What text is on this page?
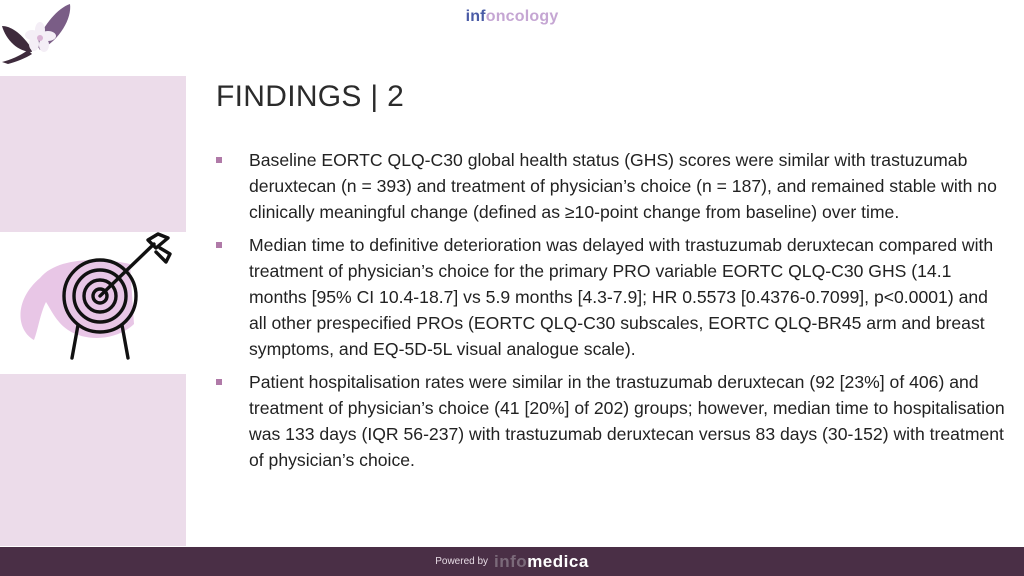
infoncology
FINDINGS | 2
Baseline EORTC QLQ-C30 global health status (GHS) scores were similar with trastuzumab deruxtecan (n = 393) and treatment of physician’s choice (n = 187), and remained stable with no clinically meaningful change (defined as ≥10-point change from baseline) over time.
Median time to definitive deterioration was delayed with trastuzumab deruxtecan compared with treatment of physician’s choice for the primary PRO variable EORTC QLQ-C30 GHS (14.1 months [95% CI 10.4-18.7] vs 5.9 months [4.3-7.9]; HR 0.5573 [0.4376-0.7099], p<0.0001) and all other prespecified PROs (EORTC QLQ-C30 subscales, EORTC QLQ-BR45 arm and breast symptoms, and EQ-5D-5L visual analogue scale).
Patient hospitalisation rates were similar in the trastuzumab deruxtecan (92 [23%] of 406) and treatment of physician’s choice (41 [20%] of 202) groups; however, median time to hospitalisation was 133 days (IQR 56-237) with trastuzumab deruxtecan versus 83 days (30-152) with treatment of physician’s choice.
Powered by infomedica
